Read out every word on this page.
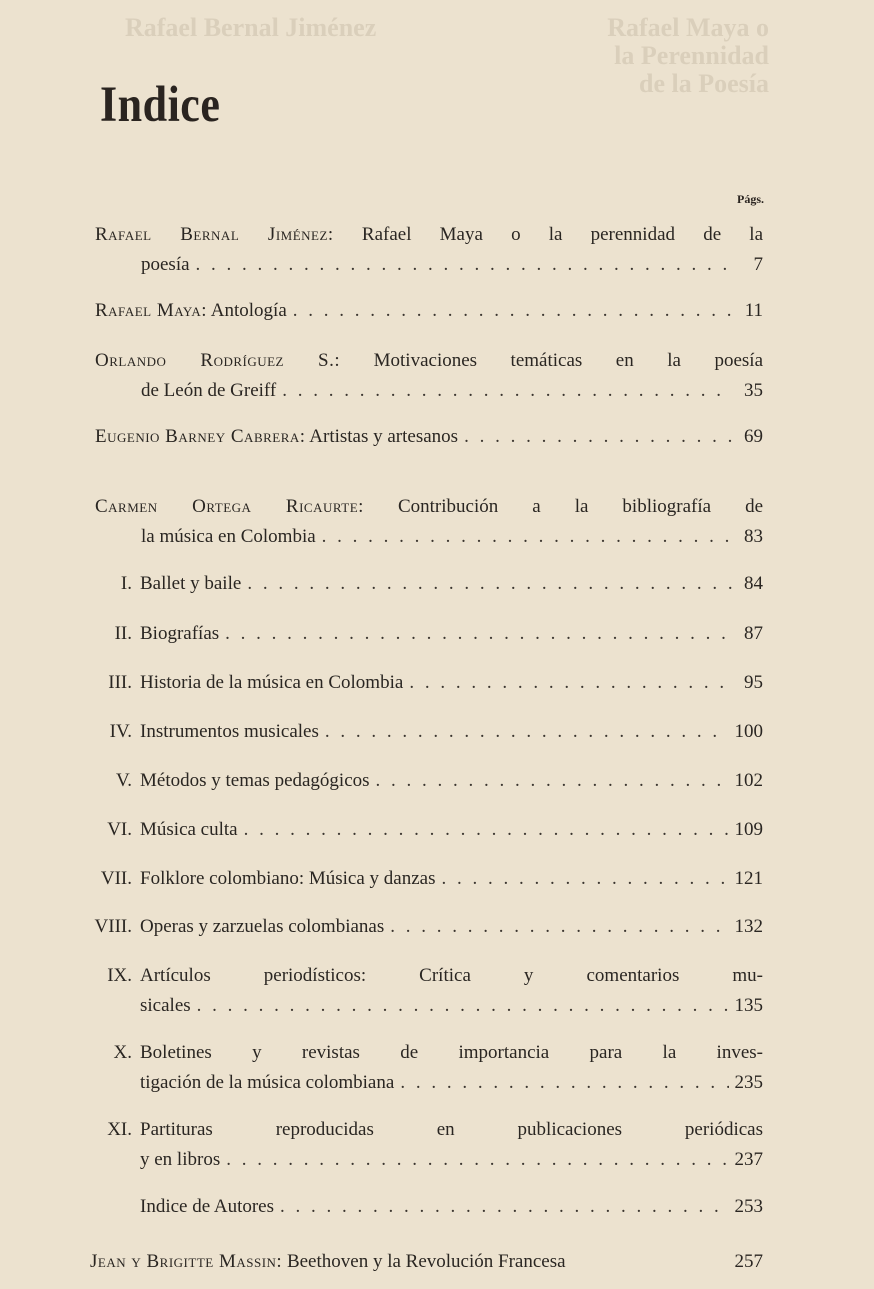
Rafael Bernal Jiménez	Rafael Maya o la Perennidad de la Poesía
Indice
Págs.
Rafael Bernal Jiménez: Rafael Maya o la perennidad de la
poesía . . .	7
Rafael Maya: Antología . . .	11
Orlando Rodríguez S.: Motivaciones temáticas en la poesía
de León de Greiff . . .	35
Eugenio Barney Cabrera: Artistas y artesanos . . .	69
Carmen Ortega Ricaurte: Contribución a la bibliografía de
la música en Colombia . . .	83
I. Ballet y baile . . .	84
II. Biografías . . .	87
III. Historia de la música en Colombia . . .	95
IV. Instrumentos musicales . . .	100
V. Métodos y temas pedagógicos . . .	102
VI. Música culta . . .	109
VII. Folklore colombiano: Música y danzas . . .	121
VIII. Operas y zarzuelas colombianas . . .	132
IX. Artículos periodísticos: Crítica y comentarios mu-
sicales . . .	135
X. Boletines y revistas de importancia para la inves-
tigación de la música colombiana . . .	235
XI. Partituras reproducidas en publicaciones periódicas
y en libros . . .	237
Indice de Autores . . .	253
Jean y Brigitte Massin: Beethoven y la Revolución Francesa	257
